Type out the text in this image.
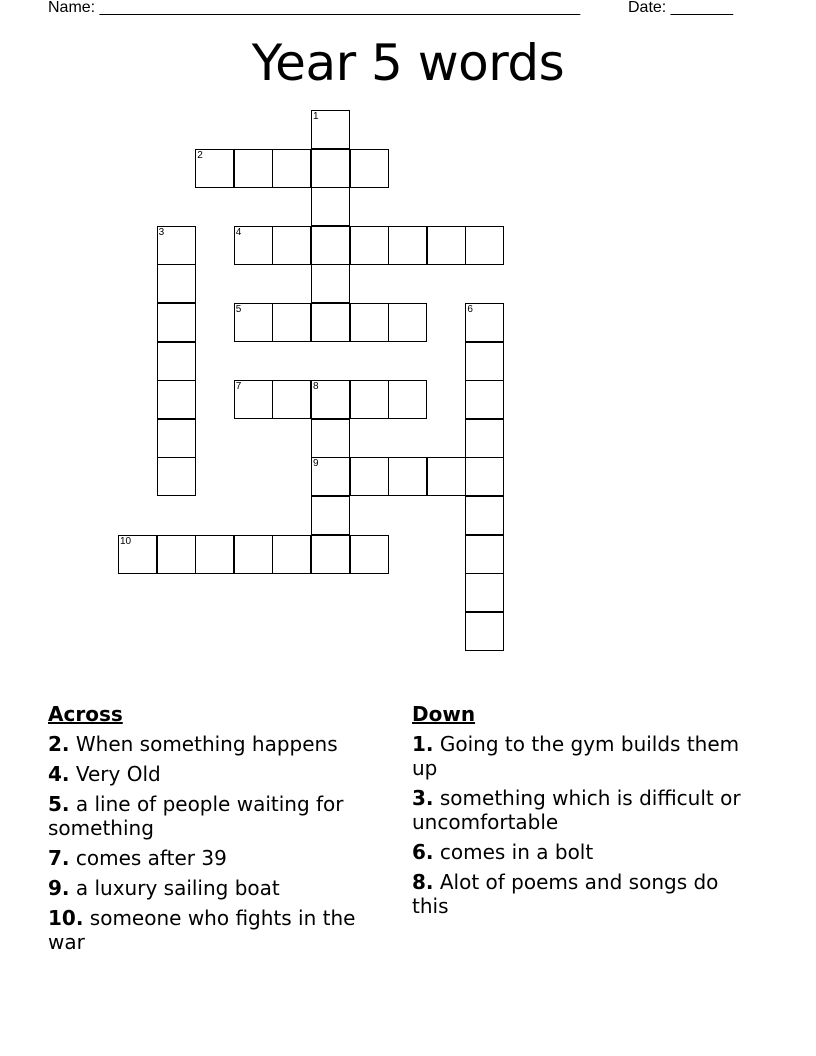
Name: ______________________________________________________	Date: _______
Year 5 words
1
2
3	4
5	6
7	8
9
10
Across
2. When something happens
4. Very Old
5. a line of people waiting for something
7. comes after 39
9. a luxury sailing boat
10. someone who fights in the war
Down
1. Going to the gym builds them up
3. something which is difficult or uncomfortable
6. comes in a bolt
8. Alot of poems and songs do this
